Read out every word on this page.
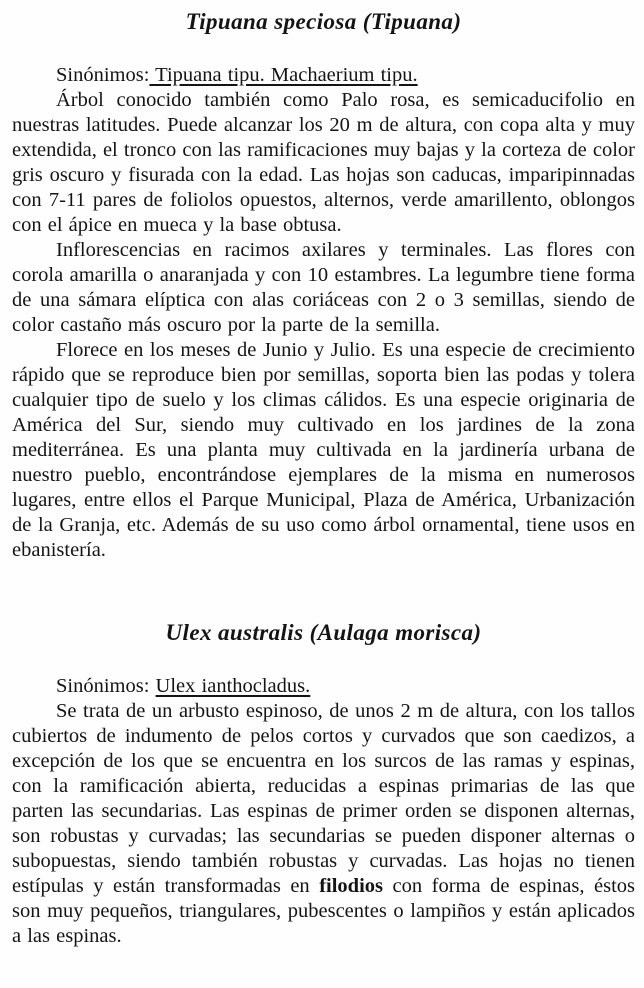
Tipuana speciosa (Tipuana)

Sinónimos: Tipuana tipu. Machaerium tipu.

Árbol conocido también como Palo rosa, es semicaducifolio en nuestras latitudes. Puede alcanzar los 20 m de altura, con copa alta y muy extendida, el tronco con las ramificaciones muy bajas y la corteza de color gris oscuro y fisurada con la edad. Las hojas son caducas, imparipinnadas con 7-11 pares de foliolos opuestos, alternos, verde amarillento, oblongos con el ápice en mueca y la base obtusa.

Inflorescencias en racimos axilares y terminales. Las flores con corola amarilla o anaranjada y con 10 estambres. La legumbre tiene forma de una sámara elíptica con alas coriáceas con 2 o 3 semillas, siendo de color castaño más oscuro por la parte de la semilla.

Florece en los meses de Junio y Julio. Es una especie de crecimiento rápido que se reproduce bien por semillas, soporta bien las podas y tolera cualquier tipo de suelo y los climas cálidos. Es una especie originaria de América del Sur, siendo muy cultivado en los jardines de la zona mediterránea. Es una planta muy cultivada en la jardinería urbana de nuestro pueblo, encontrándose ejemplares de la misma en numerosos lugares, entre ellos el Parque Municipal, Plaza de América, Urbanización de la Granja, etc. Además de su uso como árbol ornamental, tiene usos en ebanistería.

Ulex australis (Aulaga morisca)

Sinónimos: Ulex ianthocladus.

Se trata de un arbusto espinoso, de unos 2 m de altura, con los tallos cubiertos de indumento de pelos cortos y curvados que son caedizos, a excepción de los que se encuentra en los surcos de las ramas y espinas, con la ramificación abierta, reducidas a espinas primarias de las que parten las secundarias. Las espinas de primer orden se disponen alternas, son robustas y curvadas; las secundarias se pueden disponer alternas o subopuestas, siendo también robustas y curvadas. Las hojas no tienen estípulas y están transformadas en filodios con forma de espinas, éstos son muy pequeños, triangulares, pubescentes o lampiños y están aplicados a las espinas.
